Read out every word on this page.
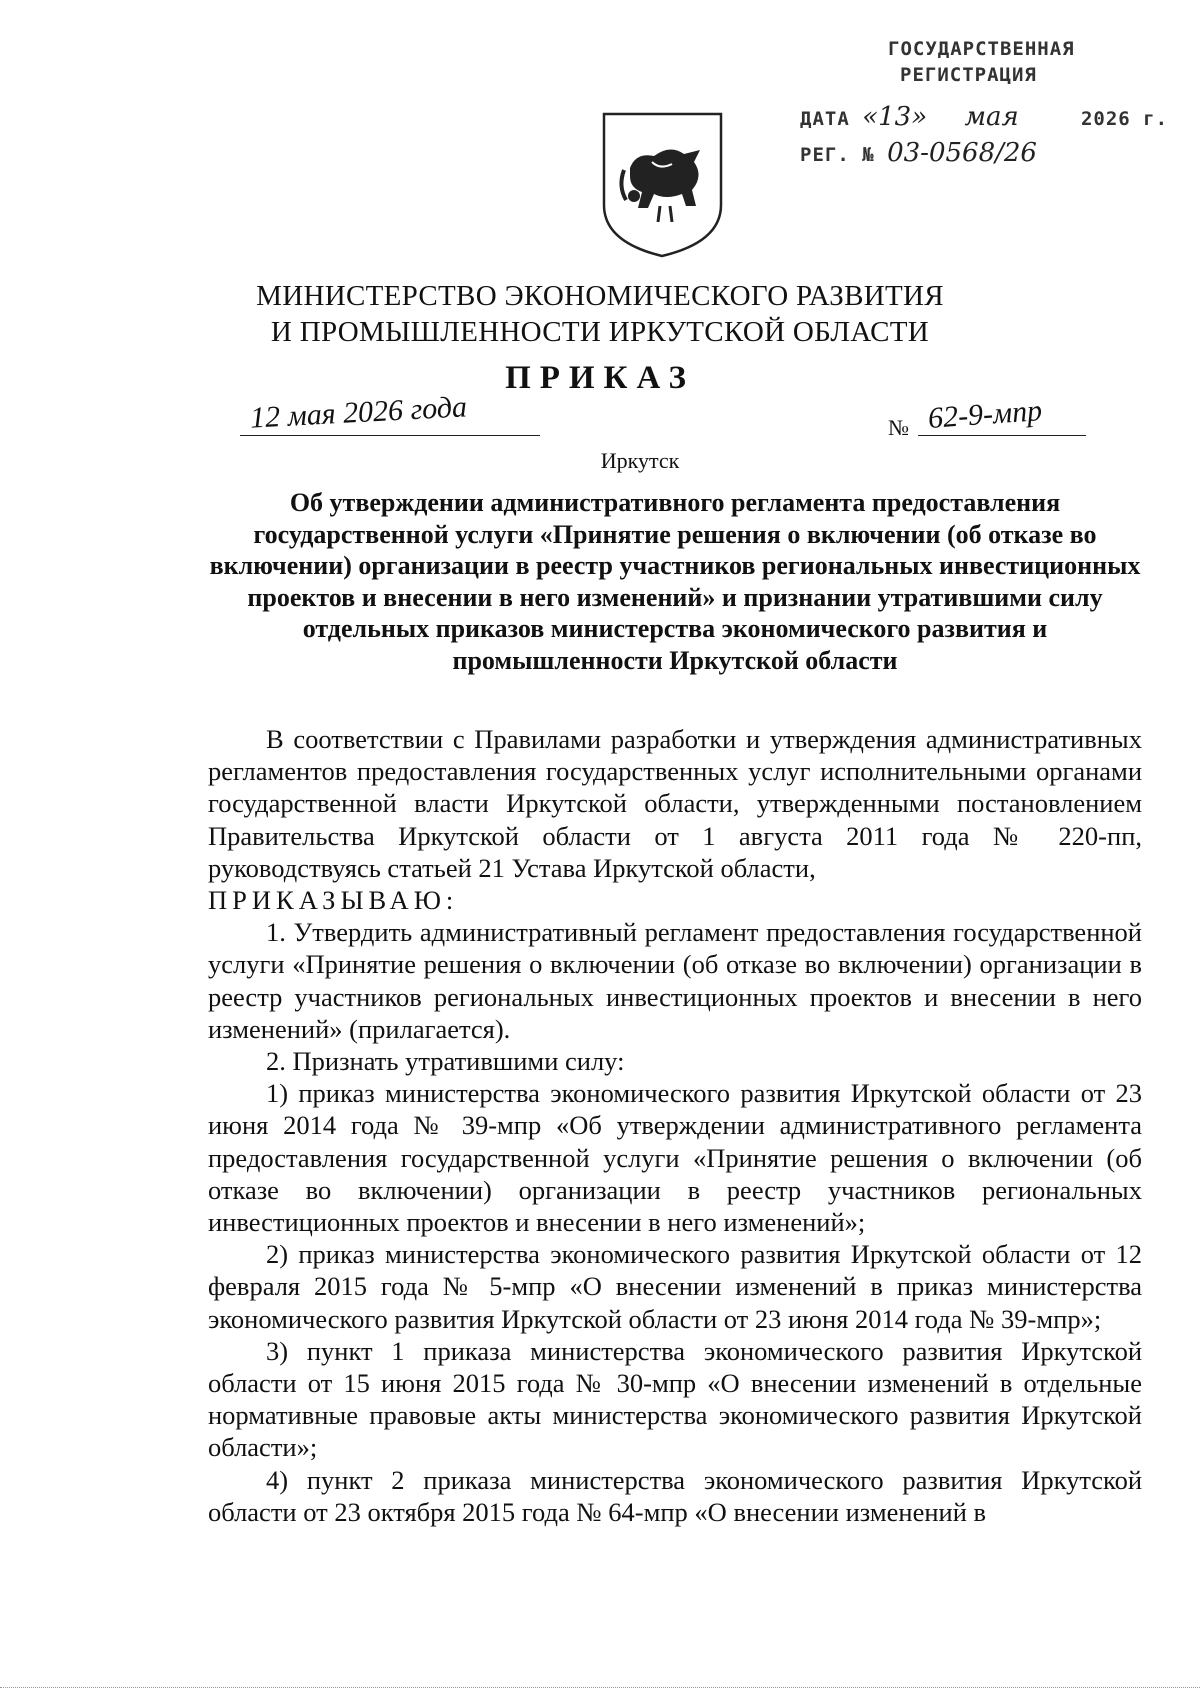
ГОСУДАРСТВЕННАЯ
РЕГИСТРАЦИЯ
ДАТА «13» мая	2026 г.
РЕГ. № 03-0568/26
МИНИСТЕРСТВО ЭКОНОМИЧЕСКОГО РАЗВИТИЯ
И ПРОМЫШЛЕННОСТИ ИРКУТСКОЙ ОБЛАСТИ
ПРИКАЗ
12 мая 2026 года	№ 62-9-мпр
Иркутск
Об утверждении административного регламента предоставления государственной услуги «Принятие решения о включении (об отказе во включении) организации в реестр участников региональных инвестиционных проектов и внесении в него изменений» и признании утратившими силу отдельных приказов министерства экономического развития и промышленности Иркутской области

В соответствии с Правилами разработки и утверждения административных регламентов предоставления государственных услуг исполнительными органами государственной власти Иркутской области, утвержденными постановлением Правительства Иркутской области от 1 августа 2011 года № 220-пп, руководствуясь статьей 21 Устава Иркутской области,

ПРИКАЗЫВАЮ:

1. Утвердить административный регламент предоставления государственной услуги «Принятие решения о включении (об отказе во включении) организации в реестр участников региональных инвестиционных проектов и внесении в него изменений» (прилагается).

2. Признать утратившими силу:

1) приказ министерства экономического развития Иркутской области от 23 июня 2014 года № 39-мпр «Об утверждении административного регламента предоставления государственной услуги «Принятие решения о включении (об отказе во включении) организации в реестр участников региональных инвестиционных проектов и внесении в него изменений»;

2) приказ министерства экономического развития Иркутской области от 12 февраля 2015 года № 5-мпр «О внесении изменений в приказ министерства экономического развития Иркутской области от 23 июня 2014 года № 39-мпр»;

3) пункт 1 приказа министерства экономического развития Иркутской области от 15 июня 2015 года № 30-мпр «О внесении изменений в отдельные нормативные правовые акты министерства экономического развития Иркутской области»;

4) пункт 2 приказа министерства экономического развития Иркутской области от 23 октября 2015 года № 64-мпр «О внесении изменений в
